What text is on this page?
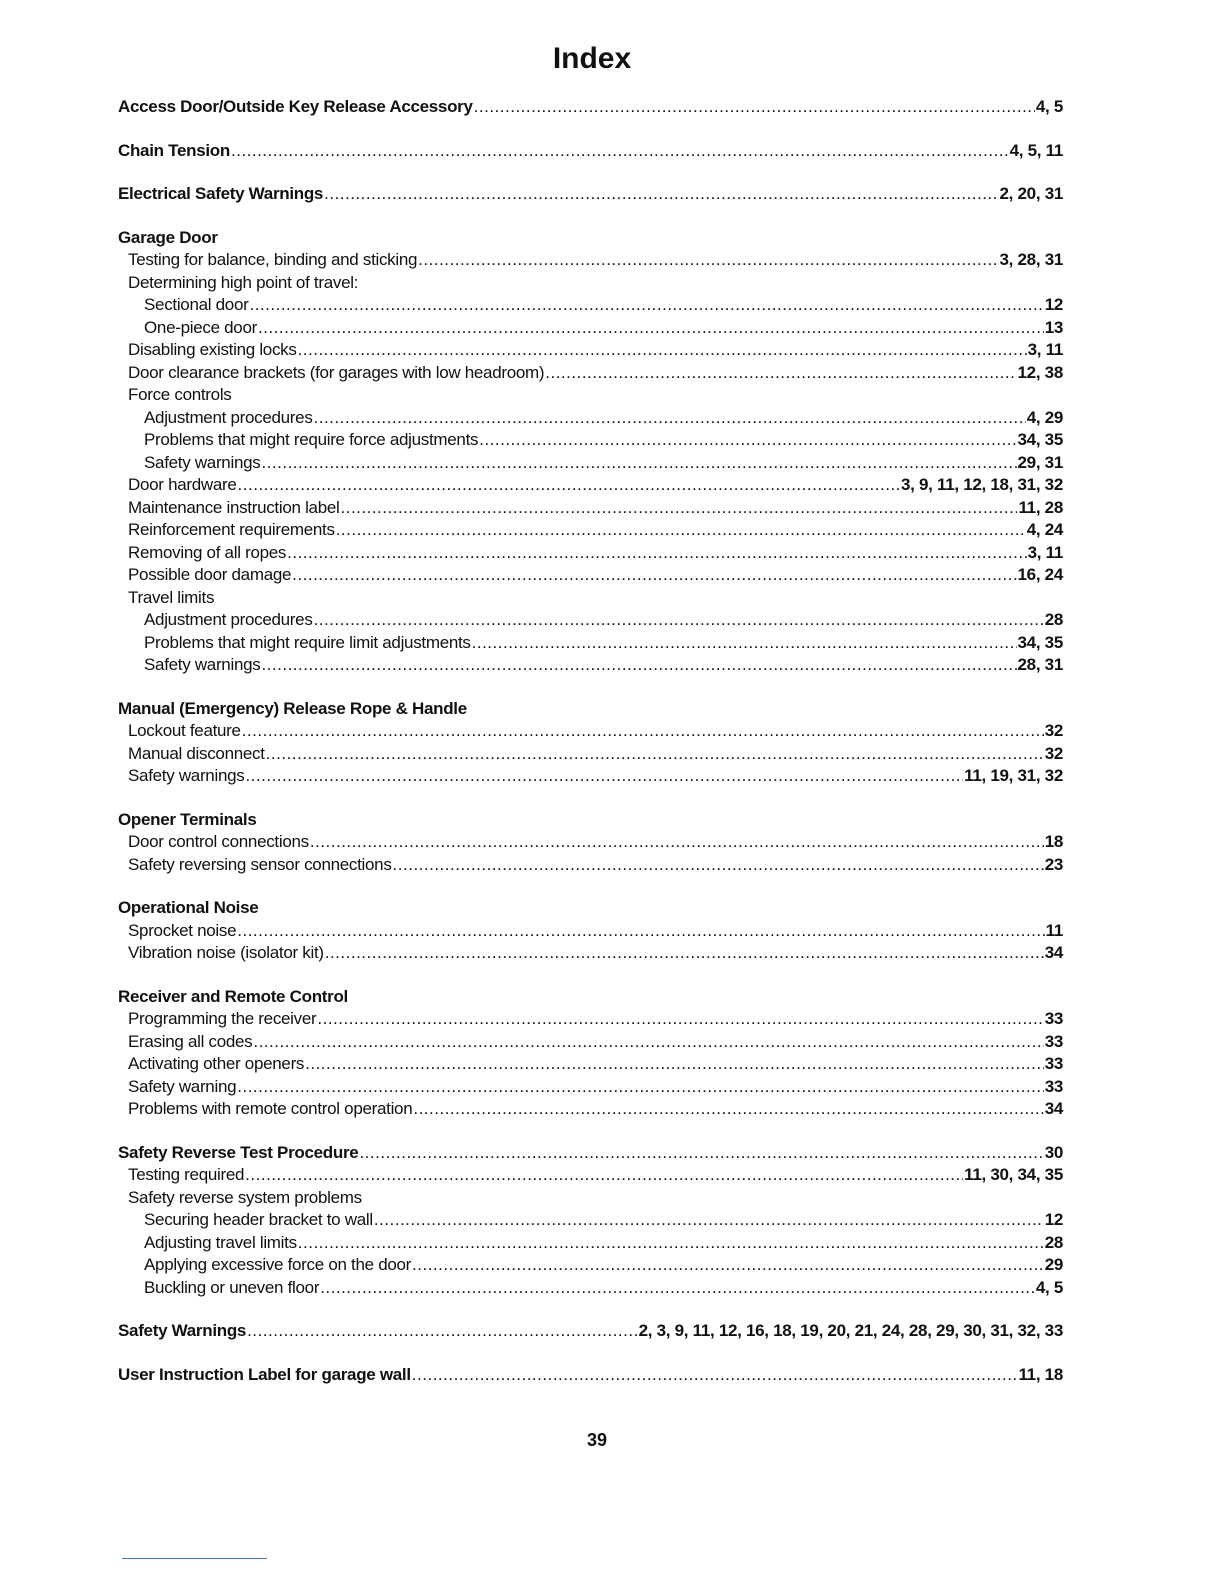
Index
Access Door/Outside Key Release Accessory .....	4, 5
Chain Tension .....	4, 5, 11
Electrical Safety Warnings .....	2, 20, 31
Garage Door
Testing for balance, binding and sticking .....	3, 28, 31
Determining high point of travel:
Sectional door .....	12
One-piece door .....	13
Disabling existing locks .....	3, 11
Door clearance brackets (for garages with low headroom) .....	12, 38
Force controls
Adjustment procedures .....	4, 29
Problems that might require force adjustments .....	34, 35
Safety warnings .....	29, 31
Door hardware .....	3, 9, 11, 12, 18, 31, 32
Maintenance instruction label .....	11, 28
Reinforcement requirements .....	4, 24
Removing of all ropes .....	3, 11
Possible door damage .....	16, 24
Travel limits
Adjustment procedures .....	28
Problems that might require limit adjustments .....	34, 35
Safety warnings .....	28, 31
Manual (Emergency) Release Rope & Handle
Lockout feature .....	32
Manual disconnect .....	32
Safety warnings .....	11, 19, 31, 32
Opener Terminals
Door control connections .....	18
Safety reversing sensor connections .....	23
Operational Noise
Sprocket noise .....	11
Vibration noise (isolator kit) .....	34
Receiver and Remote Control
Programming the receiver .....	33
Erasing all codes .....	33
Activating other openers .....	33
Safety warning .....	33
Problems with remote control operation .....	34
Safety Reverse Test Procedure .....	30
Testing required .....	11, 30, 34, 35
Safety reverse system problems
Securing header bracket to wall .....	12
Adjusting travel limits .....	28
Applying excessive force on the door .....	29
Buckling or uneven floor .....	4, 5
Safety Warnings .....	2, 3, 9, 11, 12, 16, 18, 19, 20, 21, 24, 28, 29, 30, 31, 32, 33
User Instruction Label for garage wall .....	11, 18
39
